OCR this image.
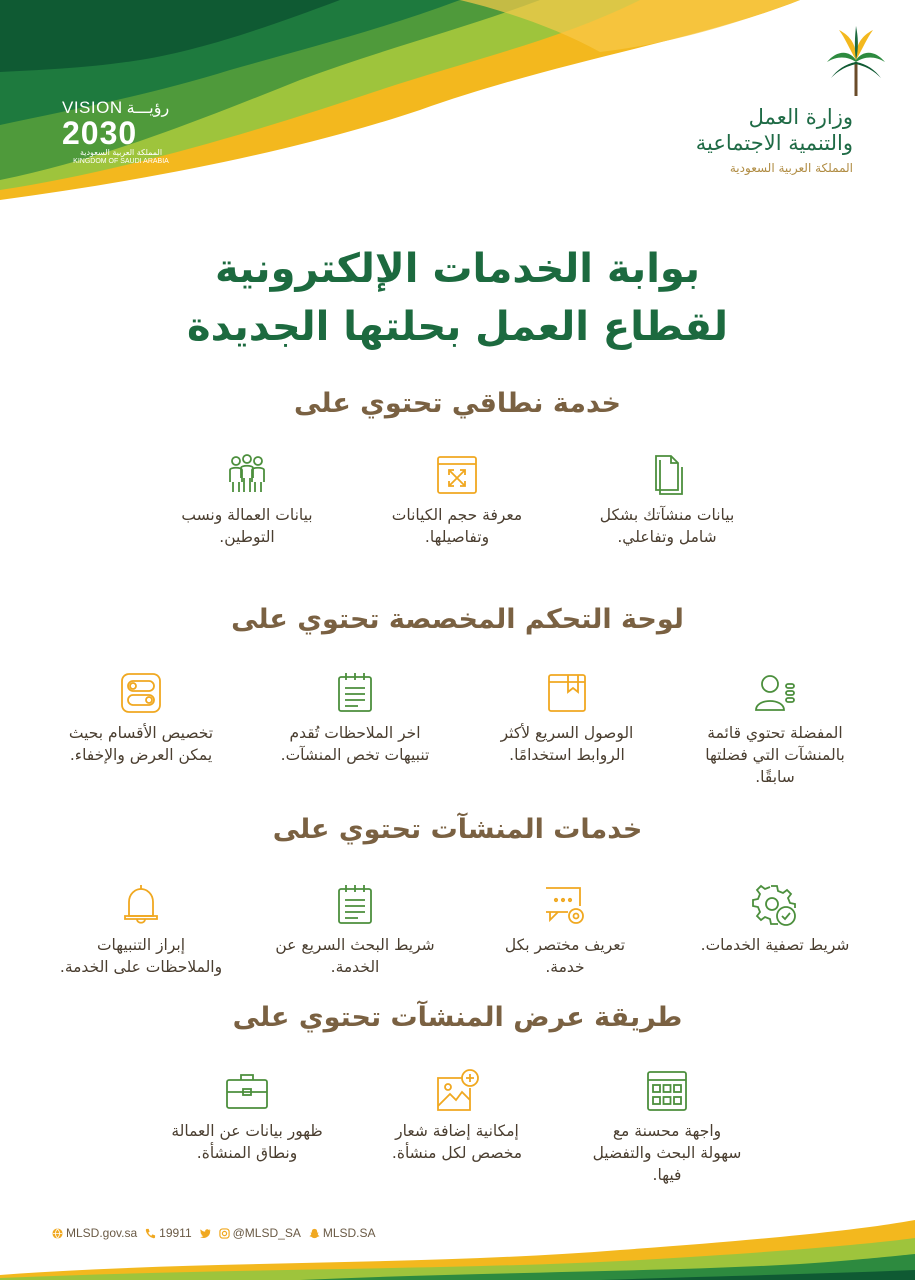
VISION رؤيـــة
2030
المملكة العربية السعودية
KINGDOM OF SAUDI ARABIA
وزارة العمل
والتنمية الاجتماعية
المملكة العربية السعودية
بوابة الخدمات الإلكترونية
لقطاع العمل بحلتها الجديدة
خدمة نطاقي تحتوي على
بيانات منشآتك بشكل
شامل وتفاعلي.
معرفة حجم الكيانات
وتفاصيلها.
بيانات العمالة ونسب
التوطين.
لوحة التحكم المخصصة تحتوي على
المفضلة تحتوي قائمة
بالمنشآت التي فضلتها
سابقًا.
الوصول السريع لأكثر
الروابط استخدامًا.
اخر الملاحظات تُقدم
تنبيهات تخص المنشآت.
تخصيص الأقسام بحيث
يمكن العرض والإخفاء.
خدمات المنشآت تحتوي على
شريط تصفية الخدمات.
تعريف مختصر بكل
خدمة.
شريط البحث السريع عن
الخدمة.
إبراز التنبيهات
والملاحظات على الخدمة.
طريقة عرض المنشآت تحتوي على
واجهة محسنة مع
سهولة البحث والتفضيل
فيها.
إمكانية إضافة شعار
مخصص لكل منشأة.
ظهور بيانات عن العمالة
ونطاق المنشأة.
MLSD.gov.sa 19911	@MLSD_SA MLSD.SA
